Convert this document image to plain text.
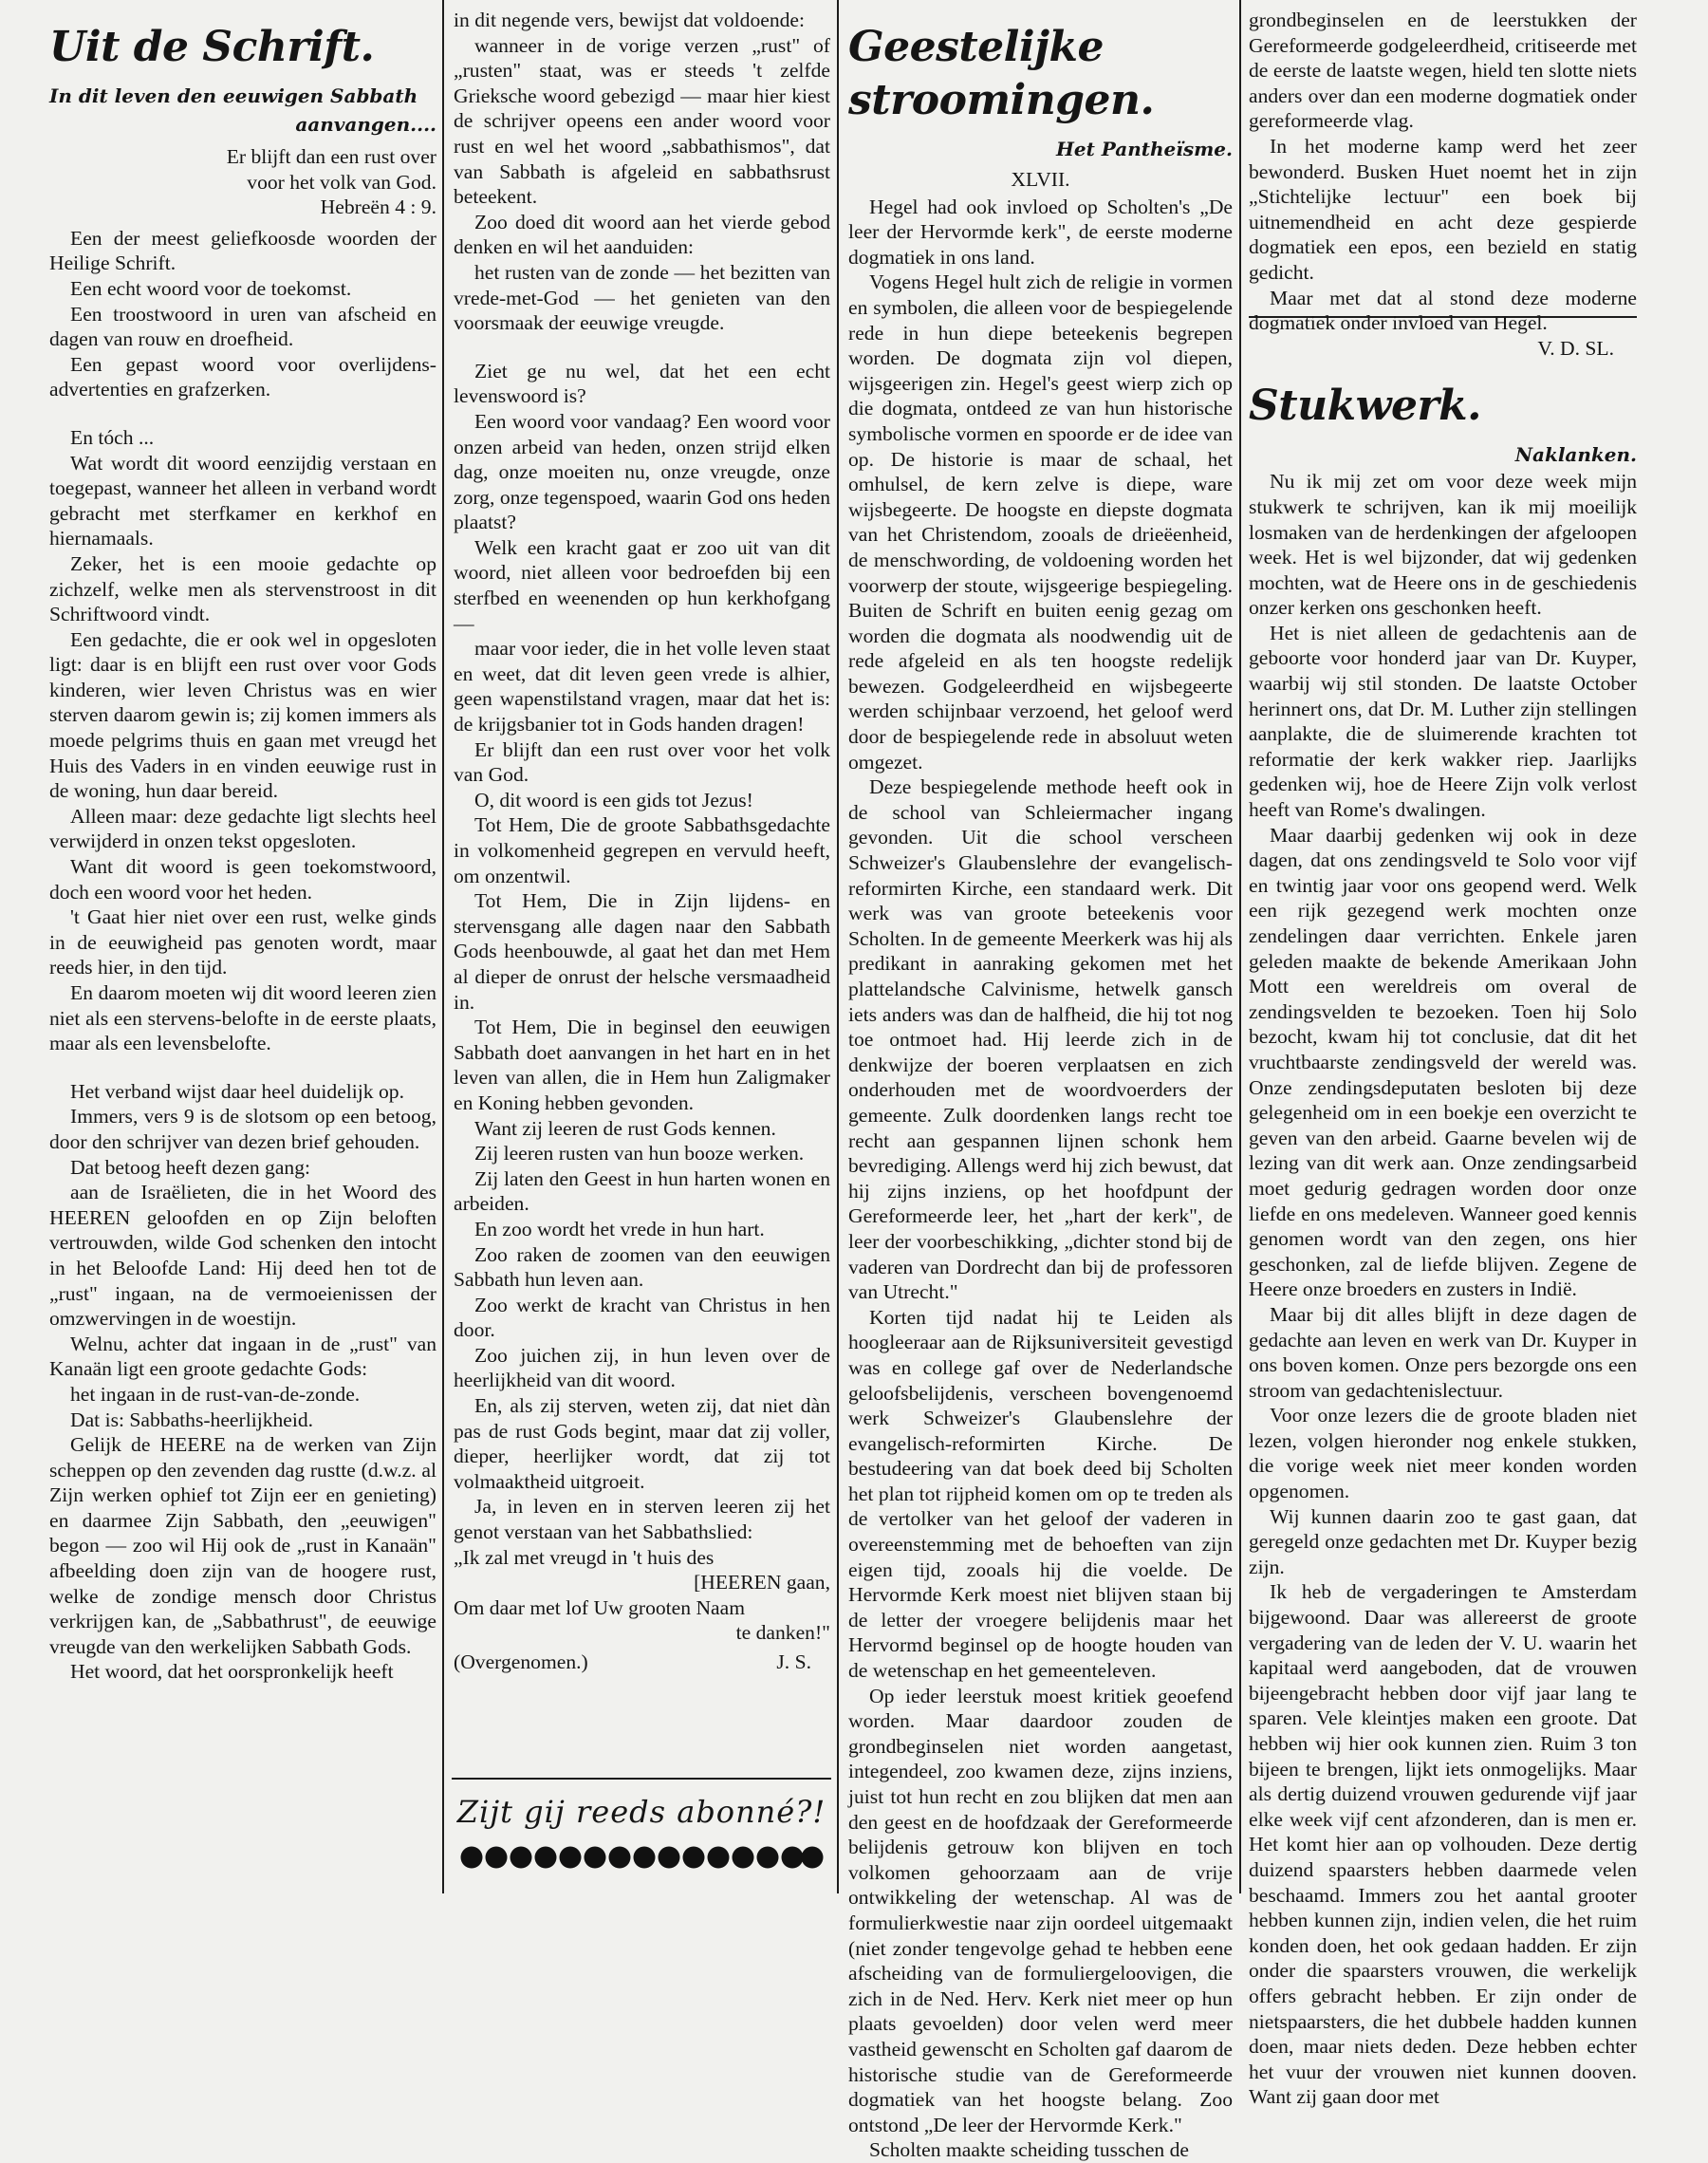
Uit de Schrift.
In dit leven den eeuwigen Sabbath
aanvangen....

Er blijft dan een rust over

voor het volk van God.

Hebreën 4 : 9.

Een der meest geliefkoosde woorden der Heilige Schrift.

Een echt woord voor de toekomst.

Een troostwoord in uren van afscheid en dagen van rouw en droefheid.

Een gepast woord voor overlijdens-advertenties en grafzerken.

En tóch ...

Wat wordt dit woord eenzijdig verstaan en toegepast, wanneer het alleen in verband wordt gebracht met sterfkamer en kerkhof en hiernamaals.

Zeker, het is een mooie gedachte op zichzelf, welke men als stervenstroost in dit Schriftwoord vindt.

Een gedachte, die er ook wel in opgesloten ligt: daar is en blijft een rust over voor Gods kinderen, wier leven Christus was en wier sterven daarom gewin is; zij komen immers als moede pelgrims thuis en gaan met vreugd het Huis des Vaders in en vinden eeuwige rust in de woning, hun daar bereid.

Alleen maar: deze gedachte ligt slechts heel verwijderd in onzen tekst opgesloten.

Want dit woord is geen toekomstwoord, doch een woord voor het heden.

't Gaat hier niet over een rust, welke ginds in de eeuwigheid pas genoten wordt, maar reeds hier, in den tijd.

En daarom moeten wij dit woord leeren zien niet als een stervens-belofte in de eerste plaats, maar als een levensbelofte.

Het verband wijst daar heel duidelijk op.

Immers, vers 9 is de slotsom op een betoog, door den schrijver van dezen brief gehouden.

Dat betoog heeft dezen gang:

aan de Israëlieten, die in het Woord des HEEREN geloofden en op Zijn beloften vertrouwden, wilde God schenken den intocht in het Beloofde Land: Hij deed hen tot de „rust" ingaan, na de vermoeienissen der omzwervingen in de woestijn.

Welnu, achter dat ingaan in de „rust" van Kanaän ligt een groote gedachte Gods:

het ingaan in de rust-van-de-zonde.

Dat is: Sabbaths-heerlijkheid.

Gelijk de HEERE na de werken van Zijn scheppen op den zevenden dag rustte (d.w.z. al Zijn werken ophief tot Zijn eer en genieting) en daarmee Zijn Sabbath, den „eeuwigen" begon — zoo wil Hij ook de „rust in Kanaän" afbeelding doen zijn van de hoogere rust, welke de zondige mensch door Christus verkrijgen kan, de „Sabbathrust", de eeuwige vreugde van den werkelijken Sabbath Gods.

Het woord, dat het oorspronkelijk heeft

in dit negende vers, bewijst dat voldoende:

wanneer in de vorige verzen „rust" of „rusten" staat, was er steeds 't zelfde Grieksche woord gebezigd — maar hier kiest de schrijver opeens een ander woord voor rust en wel het woord „sabbathismos", dat van Sabbath is afgeleid en sabbathsrust beteekent.

Zoo doed dit woord aan het vierde gebod denken en wil het aanduiden:

het rusten van de zonde — het bezitten van vrede-met-God — het genieten van den voorsmaak der eeuwige vreugde.

Ziet ge nu wel, dat het een echt levenswoord is?

Een woord voor vandaag? Een woord voor onzen arbeid van heden, onzen strijd elken dag, onze moeiten nu, onze vreugde, onze zorg, onze tegenspoed, waarin God ons heden plaatst?

Welk een kracht gaat er zoo uit van dit woord, niet alleen voor bedroefden bij een sterfbed en weenenden op hun kerkhofgang —

maar voor ieder, die in het volle leven staat en weet, dat dit leven geen vrede is alhier, geen wapenstilstand vragen, maar dat het is: de krijgsbanier tot in Gods handen dragen!

Er blijft dan een rust over voor het volk van God.

O, dit woord is een gids tot Jezus!

Tot Hem, Die de groote Sabbathsgedachte in volkomenheid gegrepen en vervuld heeft, om onzentwil.

Tot Hem, Die in Zijn lijdens- en stervensgang alle dagen naar den Sabbath Gods heenbouwde, al gaat het dan met Hem al dieper de onrust der helsche versmaadheid in.

Tot Hem, Die in beginsel den eeuwigen Sabbath doet aanvangen in het hart en in het leven van allen, die in Hem hun Zaligmaker en Koning hebben gevonden.

Want zij leeren de rust Gods kennen.

Zij leeren rusten van hun booze werken.

Zij laten den Geest in hun harten wonen en arbeiden.

En zoo wordt het vrede in hun hart.

Zoo raken de zoomen van den eeuwigen Sabbath hun leven aan.

Zoo werkt de kracht van Christus in hen door.

Zoo juichen zij, in hun leven over de heerlijkheid van dit woord.

En, als zij sterven, weten zij, dat niet dàn pas de rust Gods begint, maar dat zij voller, dieper, heerlijker wordt, dat zij tot volmaaktheid uitgroeit.

Ja, in leven en in sterven leeren zij het genot verstaan van het Sabbathslied:

„Ik zal met vreugd in 't huis des

[HEEREN gaan,

Om daar met lof Uw grooten Naam

te danken!"

(Overgenomen.)	J. S.
Zijt gij reeds abonné?!
Geestelijke stroomingen.
Het Pantheïsme.
XLVII.

Hegel had ook invloed op Scholten's „De leer der Hervormde kerk", de eerste moderne dogmatiek in ons land.

Vogens Hegel hult zich de religie in vormen en symbolen, die alleen voor de bespiegelende rede in hun diepe beteekenis begrepen worden. De dogmata zijn vol diepen, wijsgeerigen zin. Hegel's geest wierp zich op die dogmata, ontdeed ze van hun historische symbolische vormen en spoorde er de idee van op. De historie is maar de schaal, het omhulsel, de kern zelve is diepe, ware wijsbegeerte. De hoogste en diepste dogmata van het Christendom, zooals de drieëenheid, de menschwording, de voldoening worden het voorwerp der stoute, wijsgeerige bespiegeling. Buiten de Schrift en buiten eenig gezag om worden die dogmata als noodwendig uit de rede afgeleid en als ten hoogste redelijk bewezen. Godgeleerdheid en wijsbegeerte werden schijnbaar verzoend, het geloof werd door de bespiegelende rede in absoluut weten omgezet.

Deze bespiegelende methode heeft ook in de school van Schleiermacher ingang gevonden. Uit die school verscheen Schweizer's Glaubenslehre der evangelisch-reformirten Kirche, een standaard werk. Dit werk was van groote beteekenis voor Scholten. In de gemeente Meerkerk was hij als predikant in aanraking gekomen met het plattelandsche Calvinisme, hetwelk gansch iets anders was dan de halfheid, die hij tot nog toe ontmoet had. Hij leerde zich in de denkwijze der boeren verplaatsen en zich onderhouden met de woordvoerders der gemeente. Zulk doordenken langs recht toe recht aan gespannen lijnen schonk hem bevrediging. Allengs werd hij zich bewust, dat hij zijns inziens, op het hoofdpunt der Gereformeerde leer, het „hart der kerk", de leer der voorbeschikking, „dichter stond bij de vaderen van Dordrecht dan bij de professoren van Utrecht."

Korten tijd nadat hij te Leiden als hoogleeraar aan de Rijksuniversiteit gevestigd was en college gaf over de Nederlandsche geloofsbelijdenis, verscheen bovengenoemd werk Schweizer's Glaubenslehre der evangelisch-reformirten Kirche. De bestudeering van dat boek deed bij Scholten het plan tot rijpheid komen om op te treden als de vertolker van het geloof der vaderen in overeenstemming met de behoeften van zijn eigen tijd, zooals hij die voelde. De Hervormde Kerk moest niet blijven staan bij de letter der vroegere belijdenis maar het Hervormd beginsel op de hoogte houden van de wetenschap en het gemeenteleven.

Op ieder leerstuk moest kritiek geoefend worden. Maar daardoor zouden de grondbeginselen niet worden aangetast, integendeel, zoo kwamen deze, zijns inziens, juist tot hun recht en zou blijken dat men aan den geest en de hoofdzaak der Gereformeerde belijdenis getrouw kon blijven en toch volkomen gehoorzaam aan de vrije ontwikkeling der wetenschap. Al was de formulierkwestie naar zijn oordeel uitgemaakt (niet zonder tengevolge gehad te hebben eene afscheiding van de formuliergeloovigen, die zich in de Ned. Herv. Kerk niet meer op hun plaats gevoelden) door velen werd meer vastheid gewenscht en Scholten gaf daarom de historische studie van de Gereformeerde dogmatiek van het hoogste belang. Zoo ontstond „De leer der Hervormde Kerk."

Scholten maakte scheiding tusschen de

grondbeginselen en de leerstukken der Gereformeerde godgeleerdheid, critiseerde met de eerste de laatste wegen, hield ten slotte niets anders over dan een moderne dogmatiek onder gereformeerde vlag.

In het moderne kamp werd het zeer bewonderd. Busken Huet noemt het in zijn „Stichtelijke lectuur" een boek bij uitnemendheid en acht deze gespierde dogmatiek een epos, een bezield en statig gedicht.

Maar met dat al stond deze moderne dogmatiek onder invloed van Hegel.

V. D. SL.

Stukwerk.
Naklanken.

Nu ik mij zet om voor deze week mijn stukwerk te schrijven, kan ik mij moeilijk losmaken van de herdenkingen der afgeloopen week. Het is wel bijzonder, dat wij gedenken mochten, wat de Heere ons in de geschiedenis onzer kerken ons geschonken heeft.

Het is niet alleen de gedachtenis aan de geboorte voor honderd jaar van Dr. Kuyper, waarbij wij stil stonden. De laatste October herinnert ons, dat Dr. M. Luther zijn stellingen aanplakte, die de sluimerende krachten tot reformatie der kerk wakker riep. Jaarlijks gedenken wij, hoe de Heere Zijn volk verlost heeft van Rome's dwalingen.

Maar daarbij gedenken wij ook in deze dagen, dat ons zendingsveld te Solo voor vijf en twintig jaar voor ons geopend werd. Welk een rijk gezegend werk mochten onze zendelingen daar verrichten. Enkele jaren geleden maakte de bekende Amerikaan John Mott een wereldreis om overal de zendingsvelden te bezoeken. Toen hij Solo bezocht, kwam hij tot conclusie, dat dit het vruchtbaarste zendingsveld der wereld was. Onze zendingsdeputaten besloten bij deze gelegenheid om in een boekje een overzicht te geven van den arbeid. Gaarne bevelen wij de lezing van dit werk aan. Onze zendingsarbeid moet gedurig gedragen worden door onze liefde en ons medeleven. Wanneer goed kennis genomen wordt van den zegen, ons hier geschonken, zal de liefde blijven. Zegene de Heere onze broeders en zusters in Indië.

Maar bij dit alles blijft in deze dagen de gedachte aan leven en werk van Dr. Kuyper in ons boven komen. Onze pers bezorgde ons een stroom van gedachtenislectuur.

Voor onze lezers die de groote bladen niet lezen, volgen hieronder nog enkele stukken, die vorige week niet meer konden worden opgenomen.

Wij kunnen daarin zoo te gast gaan, dat geregeld onze gedachten met Dr. Kuyper bezig zijn.

Ik heb de vergaderingen te Amsterdam bijgewoond. Daar was allereerst de groote vergadering van de leden der V. U. waarin het kapitaal werd aangeboden, dat de vrouwen bijeengebracht hebben door vijf jaar lang te sparen. Vele kleintjes maken een groote. Dat hebben wij hier ook kunnen zien. Ruim 3 ton bijeen te brengen, lijkt iets onmogelijks. Maar als dertig duizend vrouwen gedurende vijf jaar elke week vijf cent afzonderen, dan is men er. Het komt hier aan op volhouden. Deze dertig duizend spaarsters hebben daarmede velen beschaamd. Immers zou het aantal grooter hebben kunnen zijn, indien velen, die het ruim konden doen, het ook gedaan hadden. Er zijn onder die spaarsters vrouwen, die werkelijk offers gebracht hebben. Er zijn onder de nietspaarsters, die het dubbele hadden kunnen doen, maar niets deden. Deze hebben echter het vuur der vrouwen niet kunnen dooven. Want zij gaan door met
